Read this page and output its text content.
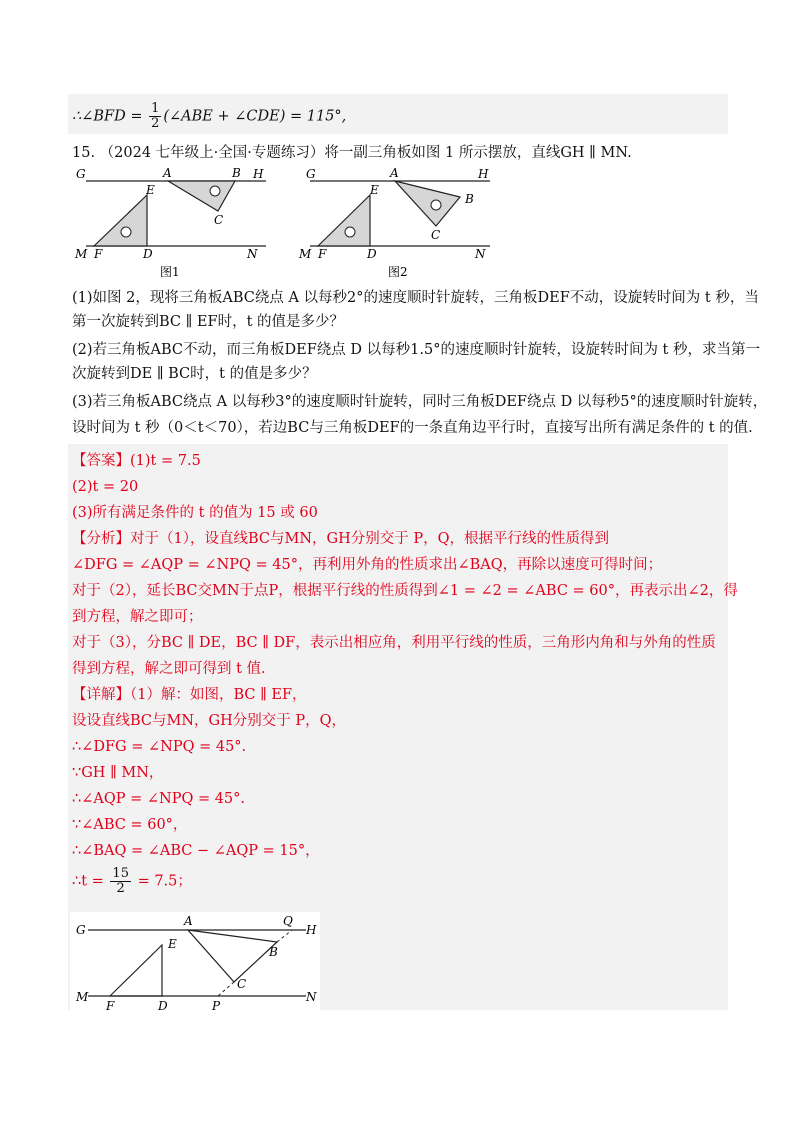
∴∠BFD = $\frac{1}{2}$ (∠ABE + ∠CDE) = 115°,
15. （2024 七年级上·全国·专题练习）将一副三角板如图 1 所示摆放，直线GH ∥ MN.
G	A	B H
E
C
M F	D	N
图1
G	A	H
B
E
C
M F	D	N
图2
(1)如图 2，现将三角板ABC绕点 A 以每秒2°的速度顺时针旋转，三角板DEF不动，设旋转时间为 t 秒，当
第一次旋转到BC ∥ EF时，t 的值是多少？
(2)若三角板ABC不动，而三角板DEF绕点 D 以每秒1.5°的速度顺时针旋转，设旋转时间为 t 秒，求当第一
次旋转到DE ∥ BC时，t 的值是多少？
(3)若三角板ABC绕点 A 以每秒3°的速度顺时针旋转，同时三角板DEF绕点 D 以每秒5°的速度顺时针旋转，
设时间为 t 秒（0＜t＜70），若边BC与三角板DEF的一条直角边平行时，直接写出所有满足条件的 t 的值.
【答案】(1)t = 7.5
(2)t = 20
(3)所有满足条件的 t 的值为 15 或 60
【分析】对于（1），设直线BC与MN，GH分别交于 P，Q，根据平行线的性质得到
∠DFG = ∠AQP = ∠NPQ = 45°，再利用外角的性质求出∠BAQ，再除以速度可得时间；
对于（2），延长BC交MN于点P，根据平行线的性质得到∠1 = ∠2 = ∠ABC = 60°，再表示出∠2，得
到方程，解之即可；
对于（3），分BC ∥ DE，BC ∥ DF，表示出相应角，利用平行线的性质，三角形内角和与外角的性质
得到方程，解之即可得到 t 值.
【详解】（1）解：如图，BC ∥ EF，
设设直线BC与MN，GH分别交于 P，Q，
∴∠DFG = ∠NPQ = 45°.
∵GH ∥ MN，
∴∠AQP = ∠NPQ = 45°.
∵∠ABC = 60°，
∴∠BAQ = ∠ABC − ∠AQP = 15°，
∴t = $\frac{15}{2} = 7.5$；
G
A	Q
H
E
B
C
M
F	D	P
N
